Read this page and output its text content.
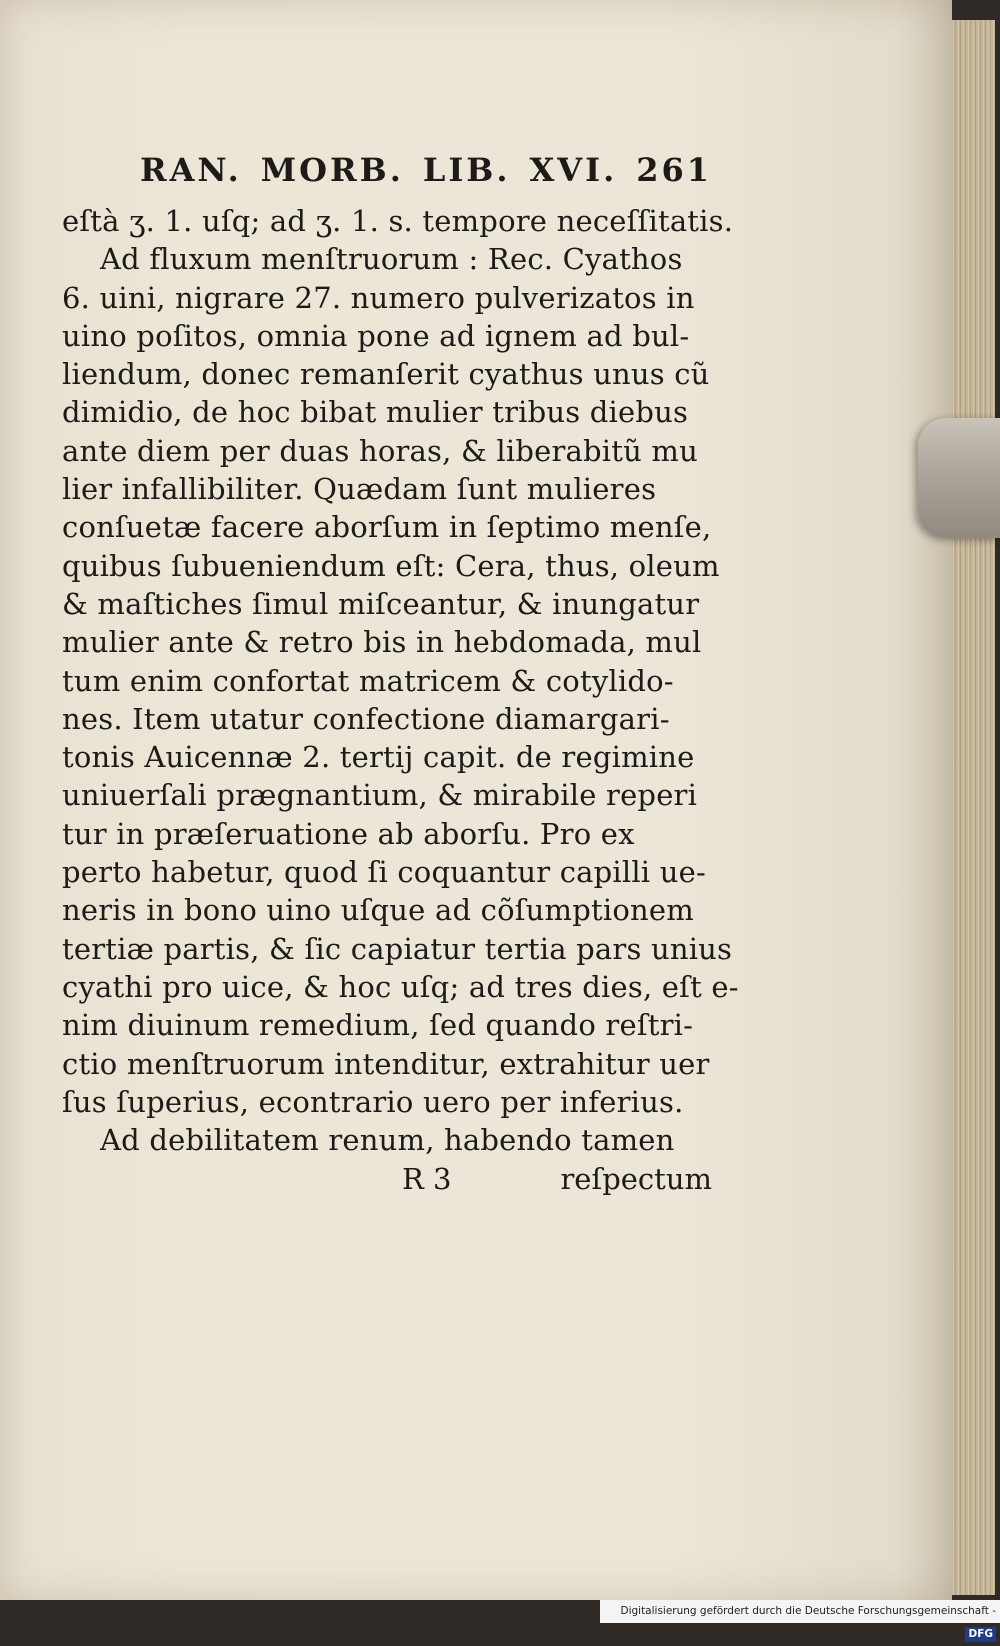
RAN. MORB. LIB. XVI. 261
eſtà ʒ. 1. uſq; ad ʒ. 1. s. tempore neceſſitatis.
Ad fluxum menſtruorum : Rec. Cyathos
6. uini, nigrare 27. numero pulverizatos in
uino poſitos, omnia pone ad ignem ad bul-
liendum, donec remanſerit cyathus unus cũ
dimidio, de hoc bibat mulier tribus diebus
ante diem per duas horas, & liberabitũ mu
lier infallibiliter. Quædam ſunt mulieres
conſuetæ facere aborſum in ſeptimo menſe,
quibus ſubueniendum eſt: Cera, thus, oleum
& maſtiches ſimul miſceantur, & inungatur
mulier ante & retro bis in hebdomada, mul
tum enim confortat matricem & cotylido-
nes. Item utatur confectione diamargari-
tonis Auicennæ 2. tertij capit. de regimine
uniuerſali prægnantium, & mirabile reperi
tur in præſeruatione ab aborſu. Pro ex
perto habetur, quod ſi coquantur capilli ue-
neris in bono uino uſque ad cõſumptionem
tertiæ partis, & ſic capiatur tertia pars unius
cyathi pro uice, & hoc uſq; ad tres dies, eſt e-
nim diuinum remedium, ſed quando reſtri-
ctio menſtruorum intenditur, extrahitur uer
ſus ſuperius, econtrario uero per inferius.
Ad debilitatem renum, habendo tamen
R 3	reſpectum
Digitalisierung gefördert durch die Deutsche Forschungsgemeinschaft - DFG
